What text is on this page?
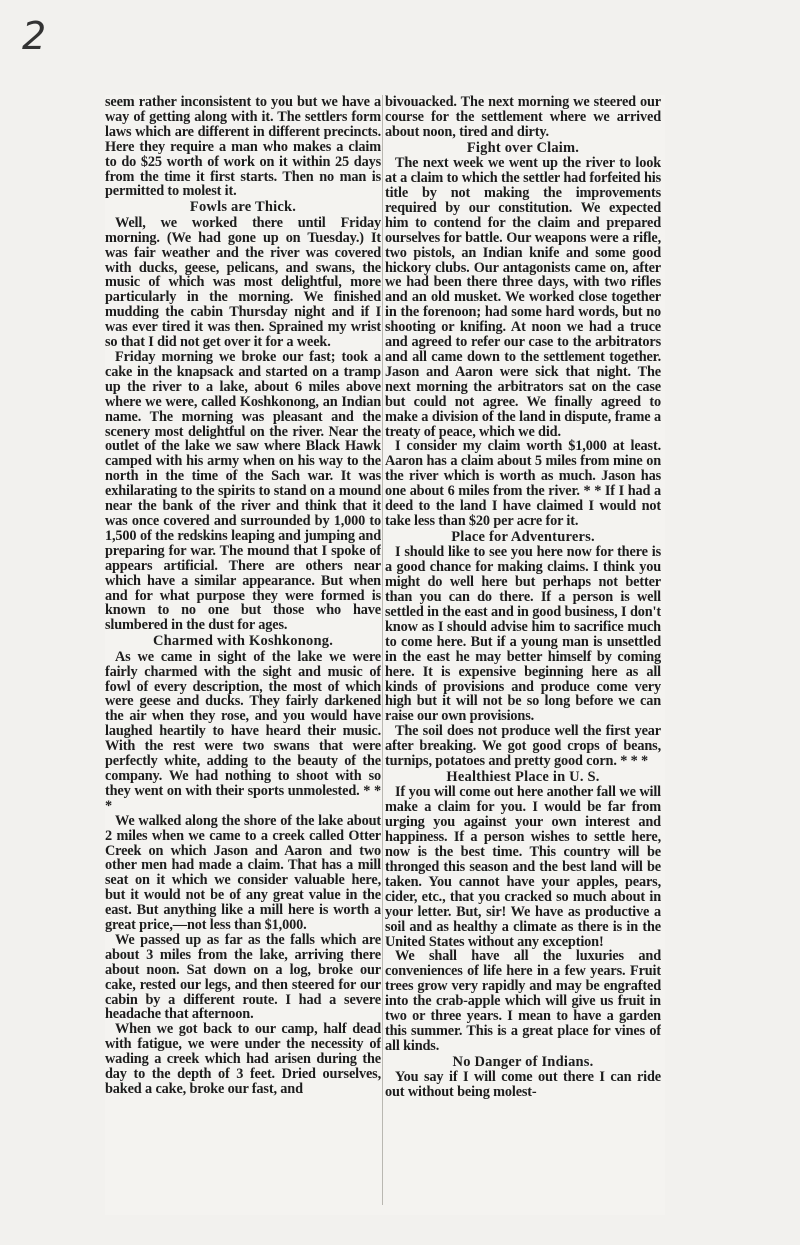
2

seem rather inconsistent to you but we have a way of getting along with it. The settlers form laws which are different in different precincts. Here they require a man who makes a claim to do $25 worth of work on it within 25 days from the time it first starts. Then no man is permitted to molest it.

Fowls are Thick.

Well, we worked there until Friday morning. (We had gone up on Tuesday.) It was fair weather and the river was covered with ducks, geese, pelicans, and swans, the music of which was most delightful, more particularly in the morning. We finished mudding the cabin Thursday night and if I was ever tired it was then. Sprained my wrist so that I did not get over it for a week.

Friday morning we broke our fast; took a cake in the knapsack and started on a tramp up the river to a lake, about 6 miles above where we were, called Koshkonong, an Indian name. The morning was pleasant and the scenery most delightful on the river. Near the outlet of the lake we saw where Black Hawk camped with his army when on his way to the north in the time of the Sach war. It was exhilarating to the spirits to stand on a mound near the bank of the river and think that it was once covered and surrounded by 1,000 to 1,500 of the redskins leaping and jumping and preparing for war. The mound that I spoke of appears artificial. There are others near which have a similar appearance. But when and for what purpose they were formed is known to no one but those who have slumbered in the dust for ages.

Charmed with Koshkonong.

As we came in sight of the lake we were fairly charmed with the sight and music of fowl of every description, the most of which were geese and ducks. They fairly darkened the air when they rose, and you would have laughed heartily to have heard their music. With the rest were two swans that were perfectly white, adding to the beauty of the company. We had nothing to shoot with so they went on with their sports unmolested. * * *

We walked along the shore of the lake about 2 miles when we came to a creek called Otter Creek on which Jason and Aaron and two other men had made a claim. That has a mill seat on it which we consider valuable here, but it would not be of any great value in the east. But anything like a mill here is worth a great price,—not less than $1,000.

We passed up as far as the falls which are about 3 miles from the lake, arriving there about noon. Sat down on a log, broke our cake, rested our legs, and then steered for our cabin by a different route. I had a severe headache that afternoon.

When we got back to our camp, half dead with fatigue, we were under the necessity of wading a creek which had arisen during the day to the depth of 3 feet. Dried ourselves, baked a cake, broke our fast, and

bivouacked. The next morning we steered our course for the settlement where we arrived about noon, tired and dirty.

Fight over Claim.

The next week we went up the river to look at a claim to which the settler had forfeited his title by not making the improvements required by our constitution. We expected him to contend for the claim and prepared ourselves for battle. Our weapons were a rifle, two pistols, an Indian knife and some good hickory clubs. Our antagonists came on, after we had been there three days, with two rifles and an old musket. We worked close together in the forenoon; had some hard words, but no shooting or knifing. At noon we had a truce and agreed to refer our case to the arbitrators and all came down to the settlement together. Jason and Aaron were sick that night. The next morning the arbitrators sat on the case but could not agree. We finally agreed to make a division of the land in dispute, frame a treaty of peace, which we did.

I consider my claim worth $1,000 at least. Aaron has a claim about 5 miles from mine on the river which is worth as much. Jason has one about 6 miles from the river. * * If I had a deed to the land I have claimed I would not take less than $20 per acre for it.

Place for Adventurers.

I should like to see you here now for there is a good chance for making claims. I think you might do well here but perhaps not better than you can do there. If a person is well settled in the east and in good business, I don't know as I should advise him to sacrifice much to come here. But if a young man is unsettled in the east he may better himself by coming here. It is expensive beginning here as all kinds of provisions and produce come very high but it will not be so long before we can raise our own provisions.

The soil does not produce well the first year after breaking. We got good crops of beans, turnips, potatoes and pretty good corn. * * *

Healthiest Place in U. S.

If you will come out here another fall we will make a claim for you. I would be far from urging you against your own interest and happiness. If a person wishes to settle here, now is the best time. This country will be thronged this season and the best land will be taken. You cannot have your apples, pears, cider, etc., that you cracked so much about in your letter. But, sir! We have as productive a soil and as healthy a climate as there is in the United States without any exception!

We shall have all the luxuries and conveniences of life here in a few years. Fruit trees grow very rapidly and may be engrafted into the crab-apple which will give us fruit in two or three years. I mean to have a garden this summer. This is a great place for vines of all kinds.

No Danger of Indians.

You say if I will come out there I can ride out without being molest-
